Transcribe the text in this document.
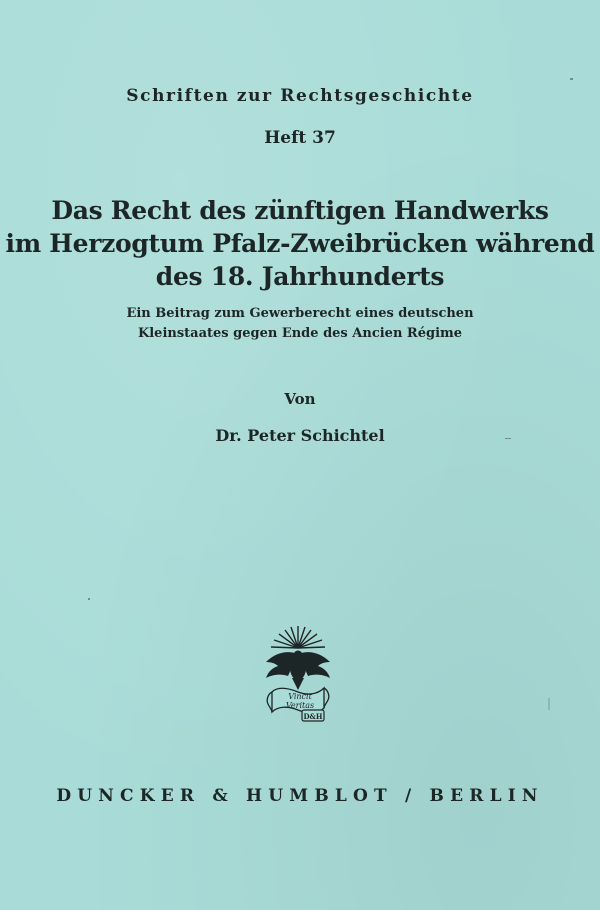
Schriften zur Rechtsgeschichte
Heft 37
Das Recht des zünftigen Handwerks
im Herzogtum Pfalz-Zweibrücken während
des 18. Jahrhunderts
Ein Beitrag zum Gewerberecht eines deutschen
Kleinstaates gegen Ende des Ancien Régime
Von
Dr. Peter Schichtel
Vincit
Veritas
D&H
DUNCKER & HUMBLOT / BERLIN
